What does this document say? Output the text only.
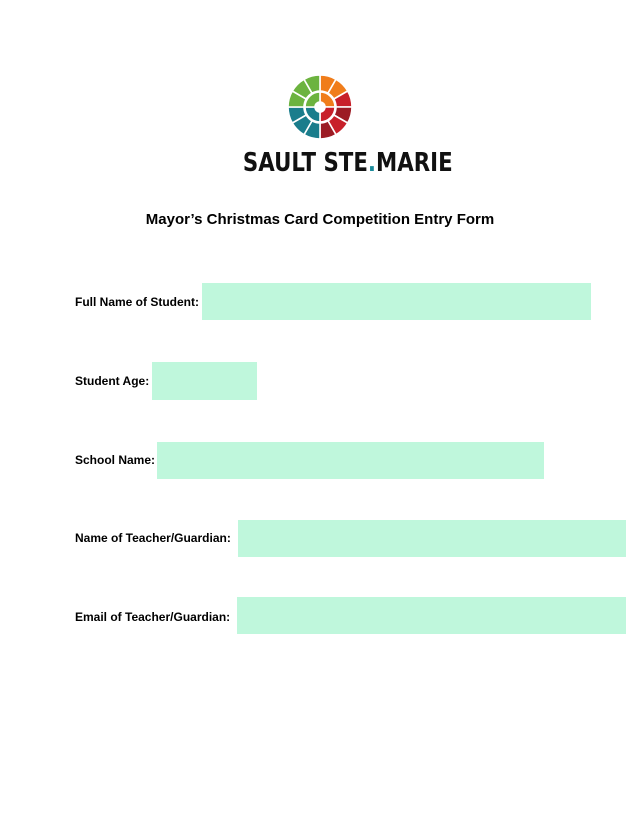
SAULT STE.MARIE
Mayor’s Christmas Card Competition Entry Form
Full Name of Student:
Student Age:
School Name:
Name of Teacher/Guardian:
Email of Teacher/Guardian:
